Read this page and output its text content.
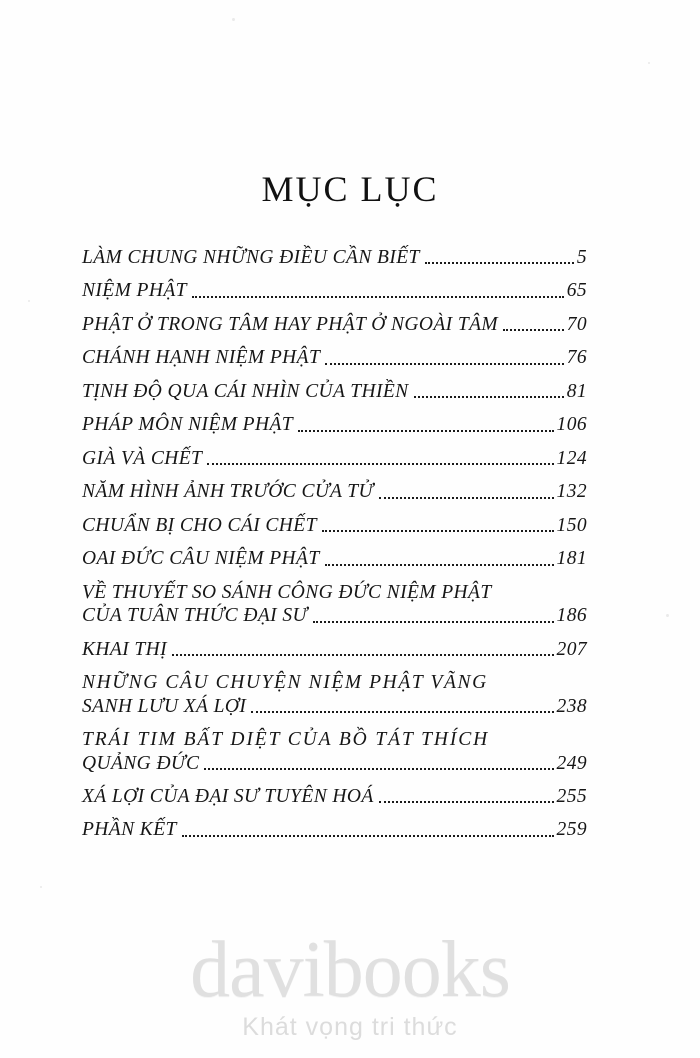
MỤC LỤC
LÀM CHUNG NHỮNG ĐIỀU CẦN BIẾT	5
NIỆM PHẬT	65
PHẬT Ở TRONG TÂM HAY PHẬT Ở NGOÀI TÂM	70
CHÁNH HẠNH NIỆM PHẬT	76
TỊNH ĐỘ QUA CÁI NHÌN CỦA THIỀN	81
PHÁP MÔN NIỆM PHẬT	106
GIÀ VÀ CHẾT	124
NĂM HÌNH ẢNH TRƯỚC CỬA TỬ	132
CHUẨN BỊ CHO CÁI CHẾT	150
OAI ĐỨC CÂU NIỆM PHẬT	181
VỀ THUYẾT SO SÁNH CÔNG ĐỨC NIỆM PHẬT
CỦA TUÂN THỨC ĐẠI SƯ	186
KHAI THỊ	207
NHỮNG CÂU CHUYỆN NIỆM PHẬT VÃNG
SANH LƯU XÁ LỢI	238
TRÁI TIM BẤT DIỆT CỦA BỒ TÁT THÍCH
QUẢNG ĐỨC	249
XÁ LỢI CỦA ĐẠI SƯ TUYÊN HOÁ	255
PHẦN KẾT	259
davibooks
Khát vọng tri thức
